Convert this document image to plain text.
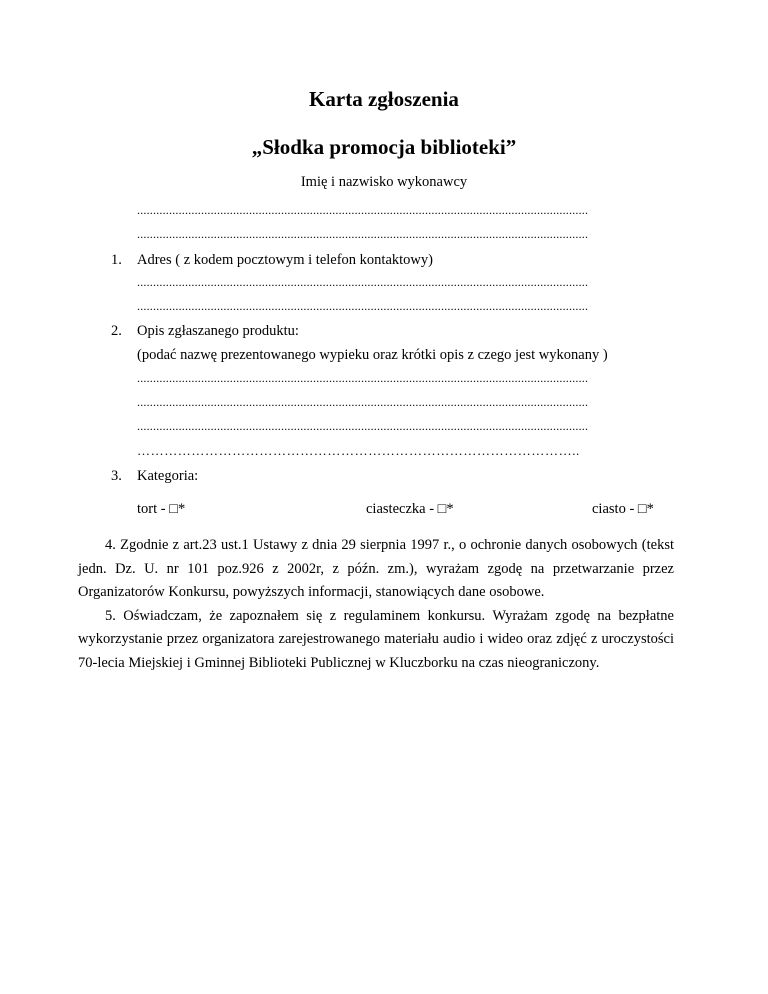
Karta zgłoszenia
„Słodka promocja biblioteki”
Imię i nazwisko wykonawcy
.............................................................................................................................................
.............................................................................................................................................
1. Adres ( z kodem pocztowym i telefon kontaktowy)
.............................................................................................................................................
.............................................................................................................................................
2. Opis zgłaszanego produktu:
(podać nazwę prezentowanego wypieku oraz krótki opis z czego jest wykonany )
.............................................................................................................................................
.............................................................................................................................................
.............................................................................................................................................
……………………………………………………………………………………..
3. Kategoria:
tort - □*	ciasteczka - □*	ciasto - □*

4. Zgodnie z art.23 ust.1 Ustawy z dnia 29 sierpnia 1997 r., o ochronie danych osobowych (tekst jedn. Dz. U. nr 101 poz.926 z 2002r, z późn. zm.), wyrażam zgodę na przetwarzanie przez Organizatorów Konkursu, powyższych informacji, stanowiących dane osobowe.

5. Oświadczam, że zapoznałem się z regulaminem konkursu. Wyrażam zgodę na bezpłatne wykorzystanie przez organizatora zarejestrowanego materiału audio i wideo oraz zdjęć z uroczystości 70-lecia Miejskiej i Gminnej Biblioteki Publicznej w Kluczborku na czas nieograniczony.
